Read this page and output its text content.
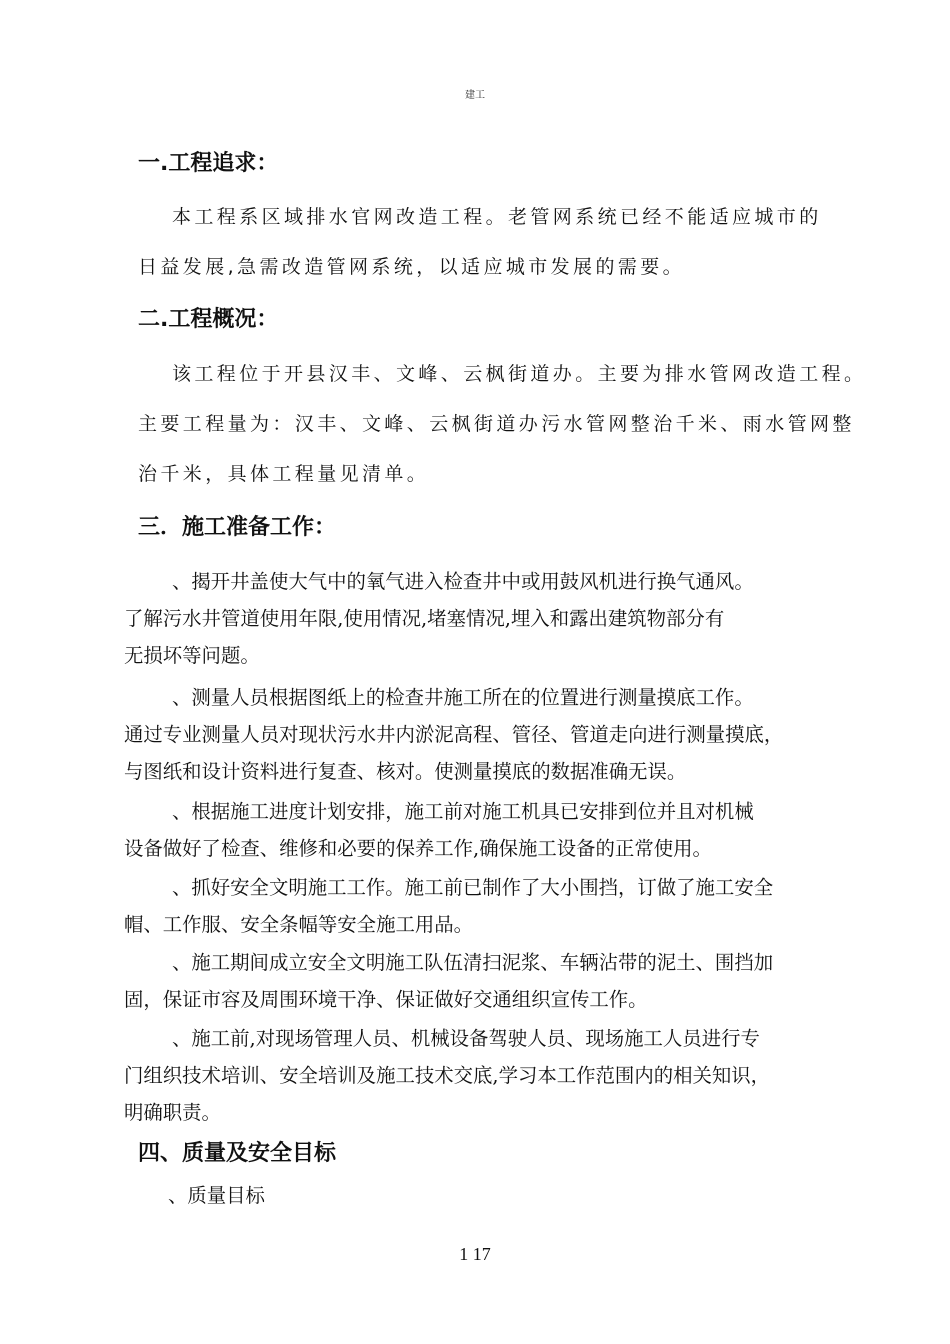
建工
一.工程追求：
本工程系区域排水官网改造工程。老管网系统已经不能适应城市的
日益发展,急需改造管网系统，以适应城市发展的需要。
二.工程概况：
该工程位于开县汉丰、文峰、云枫街道办。主要为排水管网改造工程。
主要工程量为：汉丰、文峰、云枫街道办污水管网整治千米、雨水管网整
治千米，具体工程量见清单。
三．施工准备工作：
、揭开井盖使大气中的氧气进入检查井中或用鼓风机进行换气通风。
了解污水井管道使用年限,使用情况,堵塞情况,埋入和露出建筑物部分有
无损坏等问题。
、测量人员根据图纸上的检查井施工所在的位置进行测量摸底工作。
通过专业测量人员对现状污水井内淤泥高程、管径、管道走向进行测量摸底，
与图纸和设计资料进行复查、核对。使测量摸底的数据准确无误。
、根据施工进度计划安排，施工前对施工机具已安排到位并且对机械
设备做好了检查、维修和必要的保养工作,确保施工设备的正常使用。
、抓好安全文明施工工作。施工前已制作了大小围挡，订做了施工安全
帽、工作服、安全条幅等安全施工用品。
、施工期间成立安全文明施工队伍清扫泥浆、车辆沾带的泥土、围挡加
固，保证市容及周围环境干净、保证做好交通组织宣传工作。
、施工前,对现场管理人员、机械设备驾驶人员、现场施工人员进行专
门组织技术培训、安全培训及施工技术交底,学习本工作范围内的相关知识，
明确职责。
四、质量及安全目标
、质量目标
1 17
